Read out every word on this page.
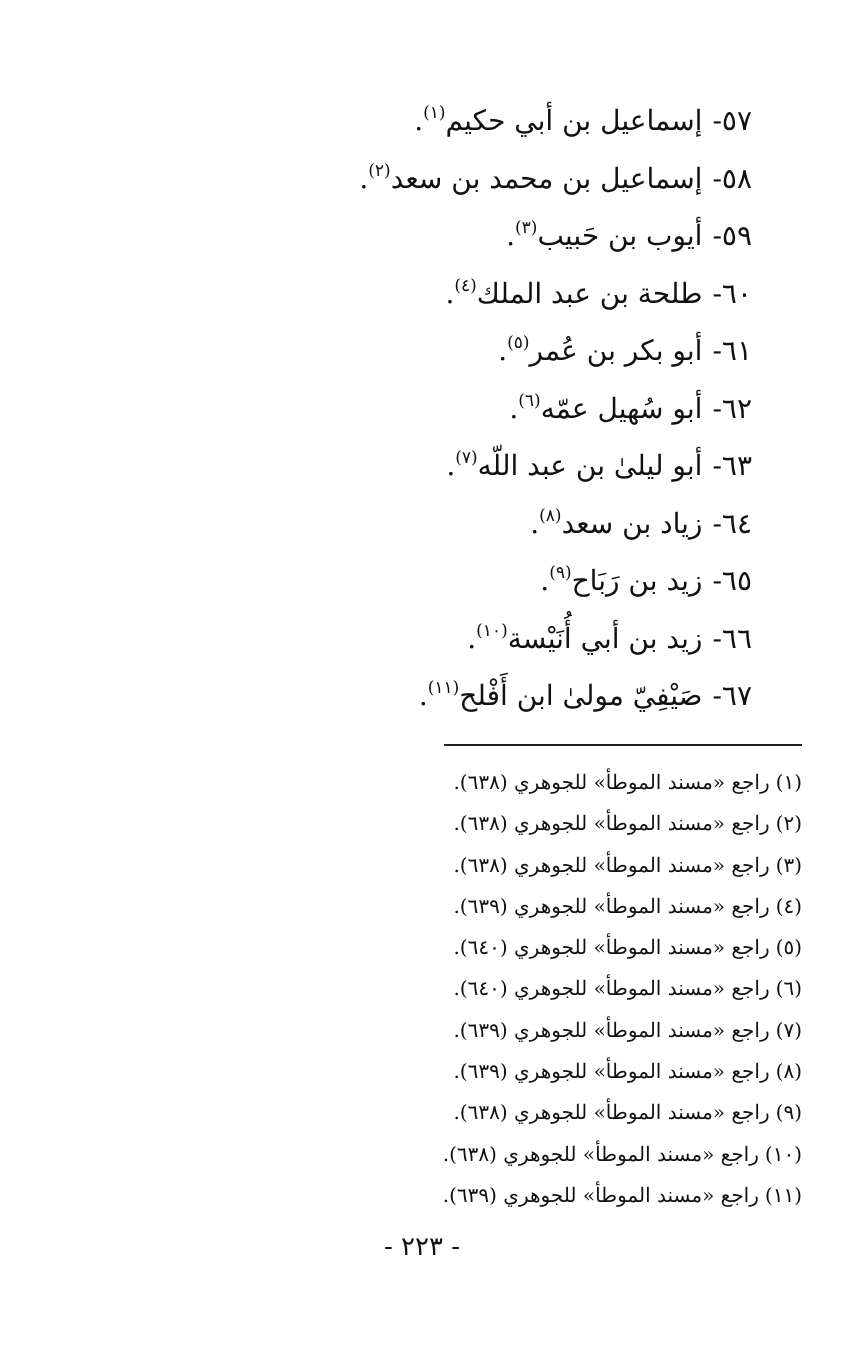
٥٧-إسماعيل بن أبي حكيم$^{(١)}$.
٥٨-إسماعيل بن محمد بن سعد$^{(٢)}$.
٥٩-أيوب بن حَبيب$^{(٣)}$.
٦٠-طلحة بن عبد الملك$^{(٤)}$.
٦١-أبو بكر بن عُمر$^{(٥)}$.
٦٢-أبو سُهيل عمّه$^{(٦)}$.
٦٣-أبو ليلىٰ بن عبد اللّه$^{(٧)}$.
٦٤-زياد بن سعد$^{(٨)}$.
٦٥-زيد بن رَبَاح$^{(٩)}$.
٦٦-زيد بن أبي أُنَيْسة$^{(١٠)}$.
٦٧-صَيْفِيّ مولىٰ ابن أَفْلح$^{(١١)}$.
(١)راجع «مسند الموطأ» للجوهري (٦٣٨).
(٢)راجع «مسند الموطأ» للجوهري (٦٣٨).
(٣)راجع «مسند الموطأ» للجوهري (٦٣٨).
(٤)راجع «مسند الموطأ» للجوهري (٦٣٩).
(٥)راجع «مسند الموطأ» للجوهري (٦٤٠).
(٦)راجع «مسند الموطأ» للجوهري (٦٤٠).
(٧)راجع «مسند الموطأ» للجوهري (٦٣٩).
(٨)راجع «مسند الموطأ» للجوهري (٦٣٩).
(٩)راجع «مسند الموطأ» للجوهري (٦٣٨).
(١٠)راجع «مسند الموطأ» للجوهري (٦٣٨).
(١١)راجع «مسند الموطأ» للجوهري (٦٣٩).
- ٢٢٣ -
